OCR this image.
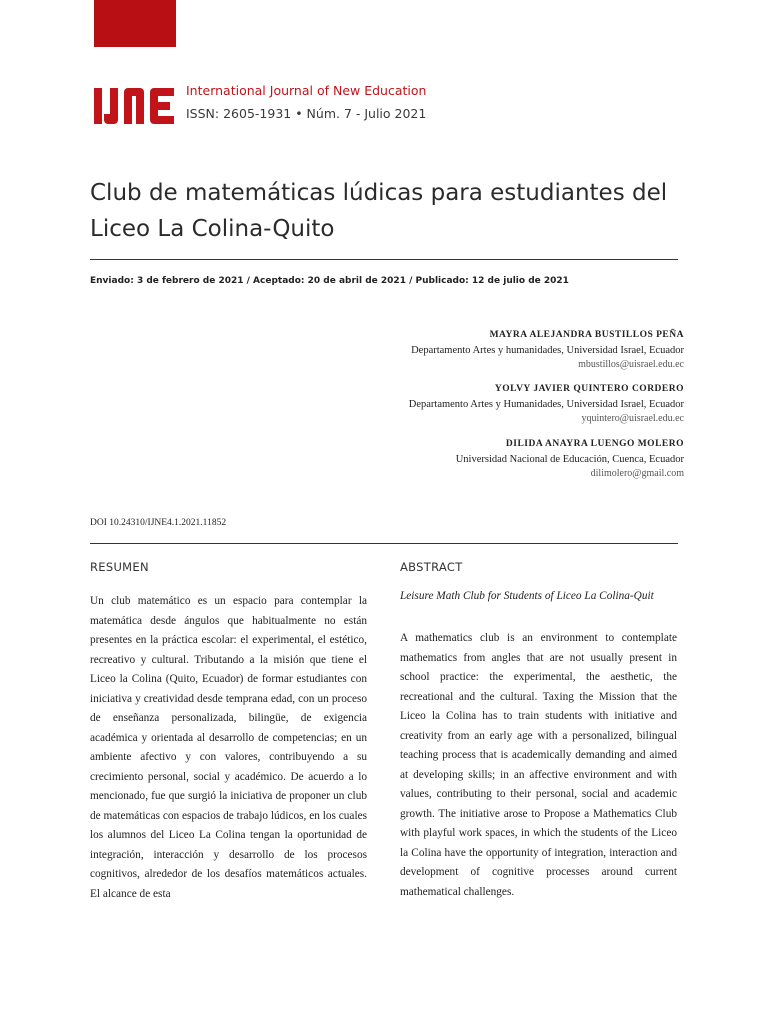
International Journal of New Education
ISSN: 2605-1931 • Núm. 7 - Julio 2021
Club de matemáticas lúdicas para estudiantes del Liceo La Colina-Quito
Enviado: 3 de febrero de 2021 / Aceptado: 20 de abril de 2021 / Publicado: 12 de julio de 2021
MAYRA ALEJANDRA BUSTILLOS PEÑA
Departamento Artes y humanidades, Universidad Israel, Ecuador
mbustillos@uisrael.edu.ec
YOLVY JAVIER QUINTERO CORDERO
Departamento Artes y Humanidades, Universidad Israel, Ecuador
yquintero@uisrael.edu.ec
DILIDA ANAYRA LUENGO MOLERO
Universidad Nacional de Educación, Cuenca, Ecuador
dilimolero@gmail.com
DOI 10.24310/IJNE4.1.2021.11852
RESUMEN	ABSTRACT

Un club matemático es un espacio para contemplar la matemática desde ángulos que habitualmente no están presentes en la práctica escolar: el experimental, el estético, recreativo y cultural. Tributando a la misión que tiene el Liceo la Colina (Quito, Ecuador) de formar estudiantes con iniciativa y creatividad desde temprana edad, con un proceso de enseñanza personalizada, bilingüe, de exigencia académica y orientada al desarrollo de competencias; en un ambiente afectivo y con valores, contribuyendo a su crecimiento personal, social y académico. De acuerdo a lo mencionado, fue que surgió la iniciativa de proponer un club de matemáticas con espacios de trabajo lúdicos, en los cuales los alumnos del Liceo La Colina tengan la oportunidad de integración, interacción y desarrollo de los procesos cognitivos, alrededor de los desafíos matemáticos actuales. El alcance de esta

Leisure Math Club for Students of Liceo La Colina-Quit

A mathematics club is an environment to contemplate mathematics from angles that are not usually present in school practice: the experimental, the aesthetic, the recreational and the cultural. Taxing the Mission that the Liceo la Colina has to train students with initiative and creativity from an early age with a personalized, bilingual teaching process that is academically demanding and aimed at developing skills; in an affective environment and with values, contributing to their personal, social and academic growth. The initiative arose to Propose a Mathematics Club with playful work spaces, in which the students of the Liceo la Colina have the opportunity of integration, interaction and development of cognitive processes around current mathematical challenges.
